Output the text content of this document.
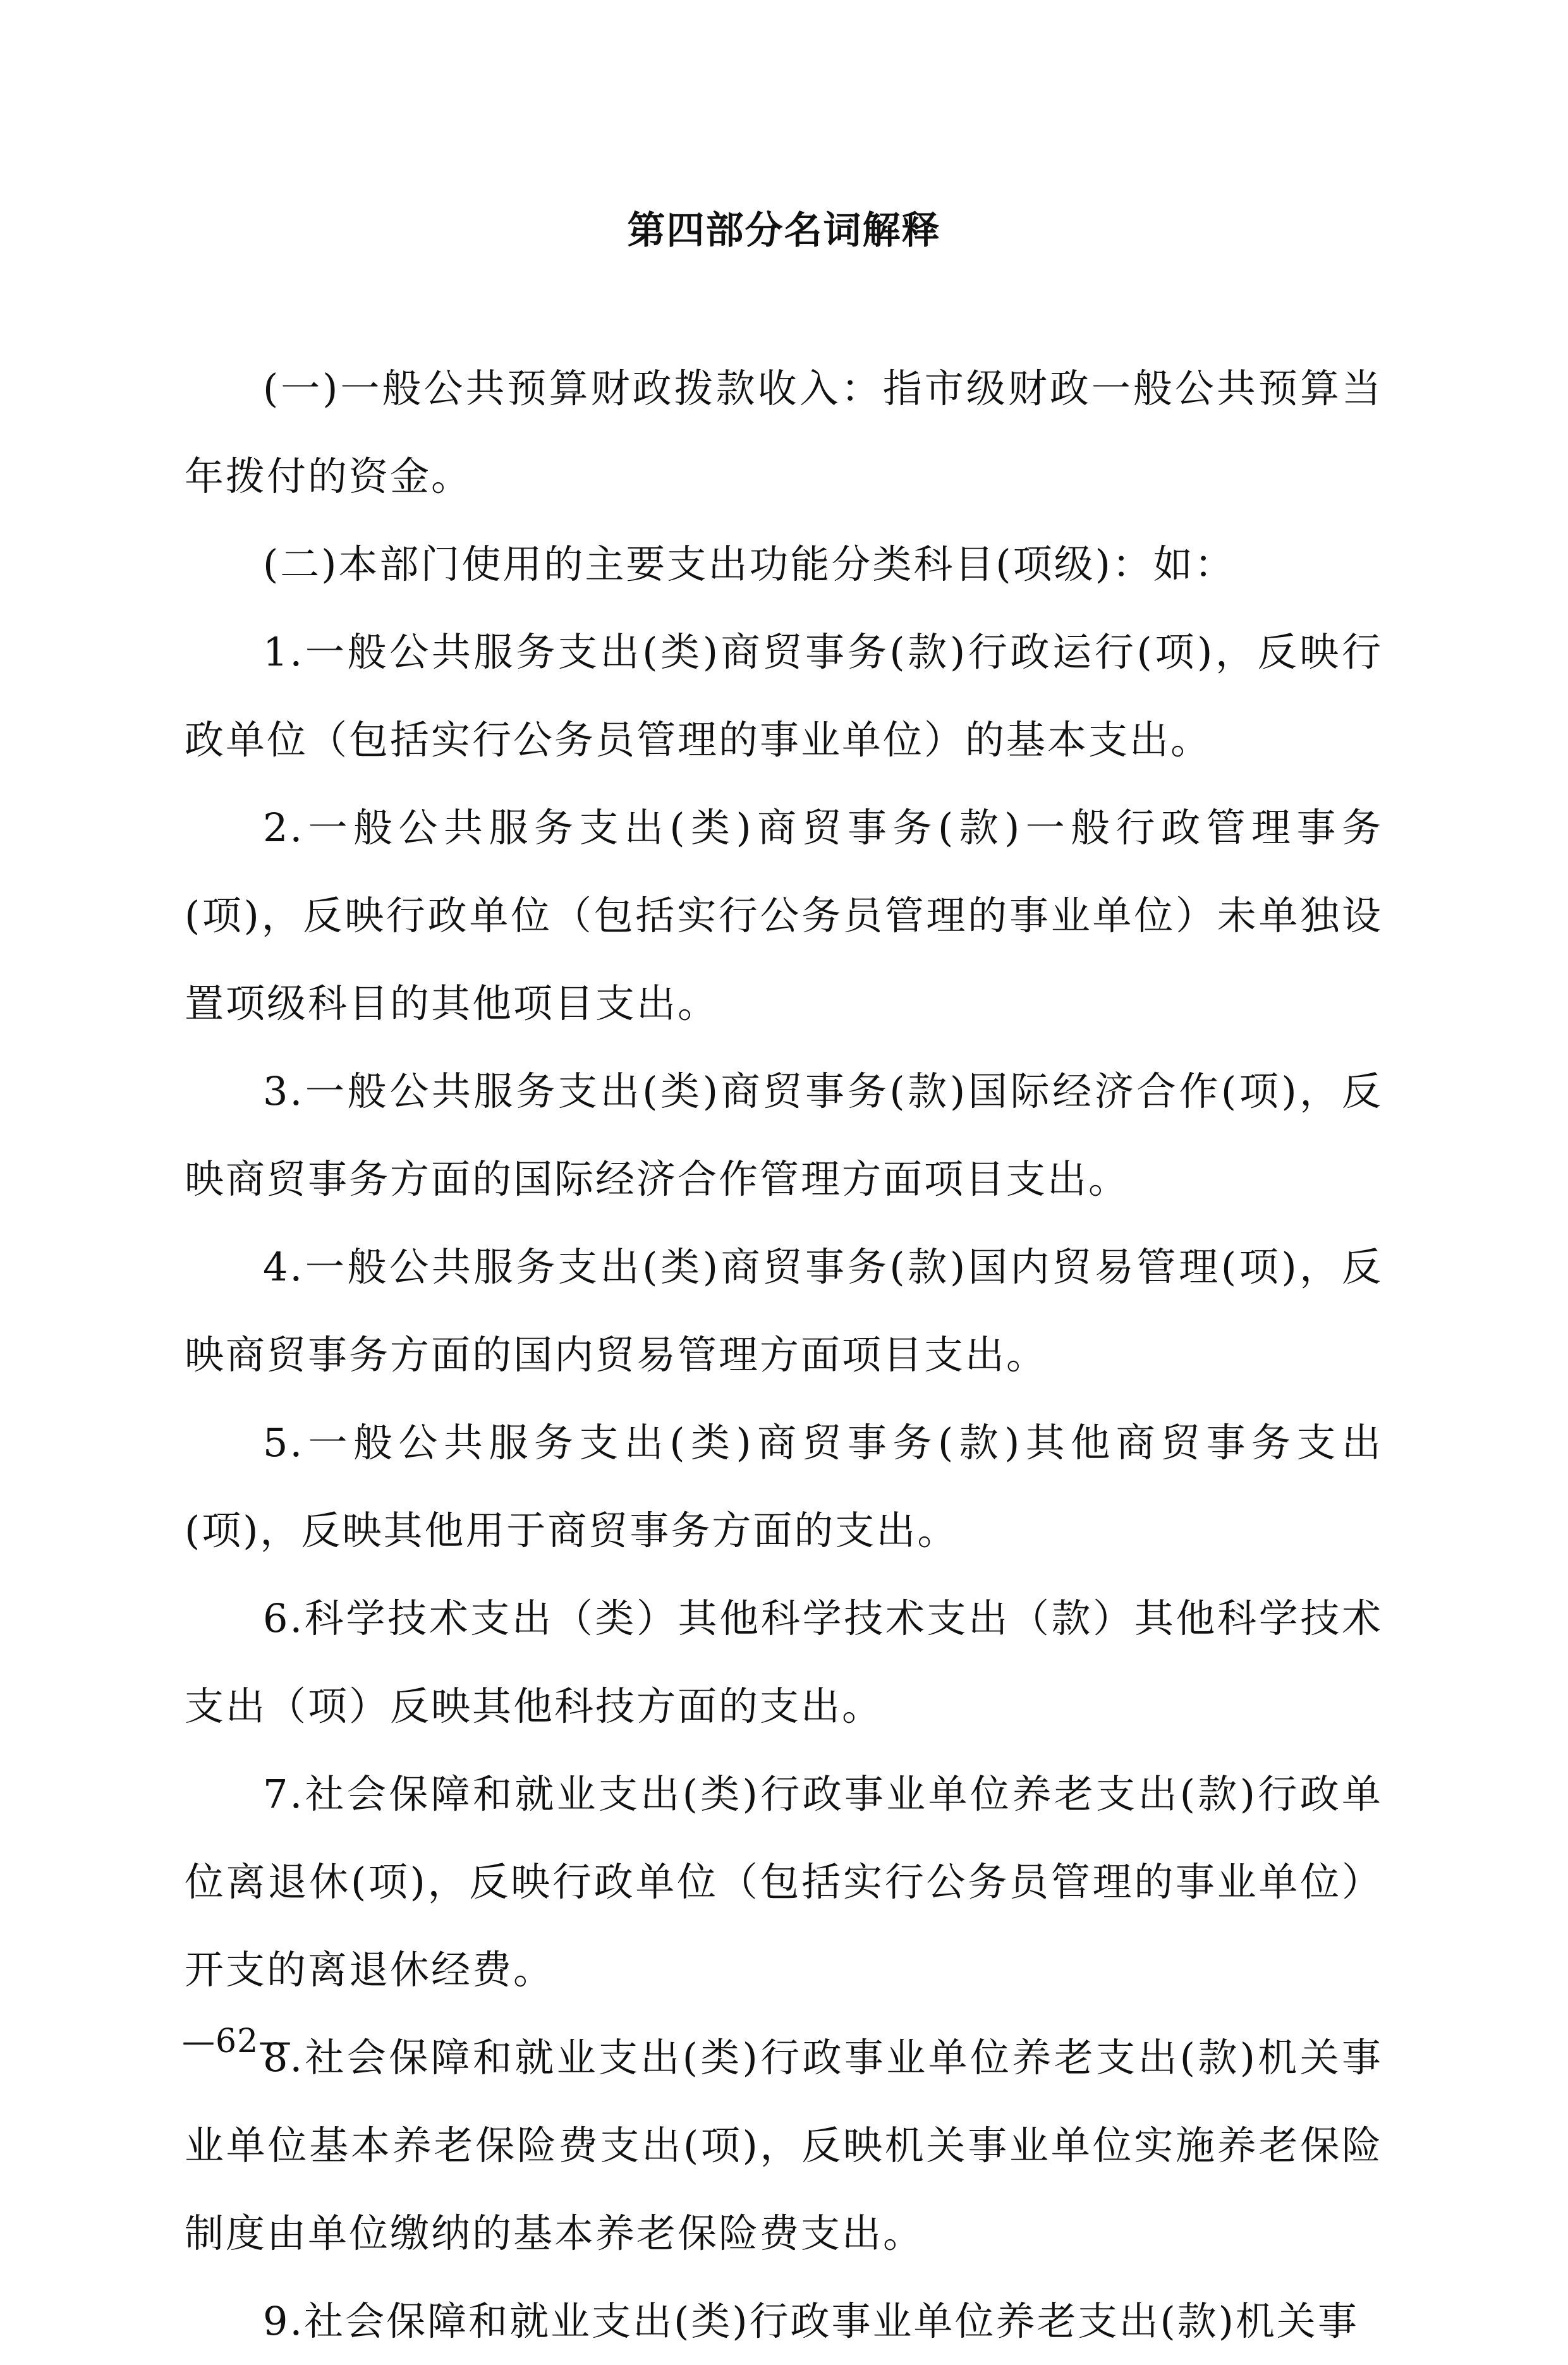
第四部分名词解释

(一)一般公共预算财政拨款收入：指市级财政一般公共预算当年拨付的资金。

(二)本部门使用的主要支出功能分类科目(项级)：如：

1.一般公共服务支出(类)商贸事务(款)行政运行(项)，反映行政单位（包括实行公务员管理的事业单位）的基本支出。

2.一般公共服务支出(类)商贸事务(款)一般行政管理事务(项)，反映行政单位（包括实行公务员管理的事业单位）未单独设置项级科目的其他项目支出。

3.一般公共服务支出(类)商贸事务(款)国际经济合作(项)，反映商贸事务方面的国际经济合作管理方面项目支出。

4.一般公共服务支出(类)商贸事务(款)国内贸易管理(项)，反映商贸事务方面的国内贸易管理方面项目支出。

5.一般公共服务支出(类)商贸事务(款)其他商贸事务支出(项)，反映其他用于商贸事务方面的支出。

6.科学技术支出（类）其他科学技术支出（款）其他科学技术支出（项）反映其他科技方面的支出。

7.社会保障和就业支出(类)行政事业单位养老支出(款)行政单位离退休(项)，反映行政单位（包括实行公务员管理的事业单位）开支的离退休经费。

8.社会保障和就业支出(类)行政事业单位养老支出(款)机关事业单位基本养老保险费支出(项)，反映机关事业单位实施养老保险制度由单位缴纳的基本养老保险费支出。

9.社会保障和就业支出(类)行政事业单位养老支出(款)机关事

—62—
